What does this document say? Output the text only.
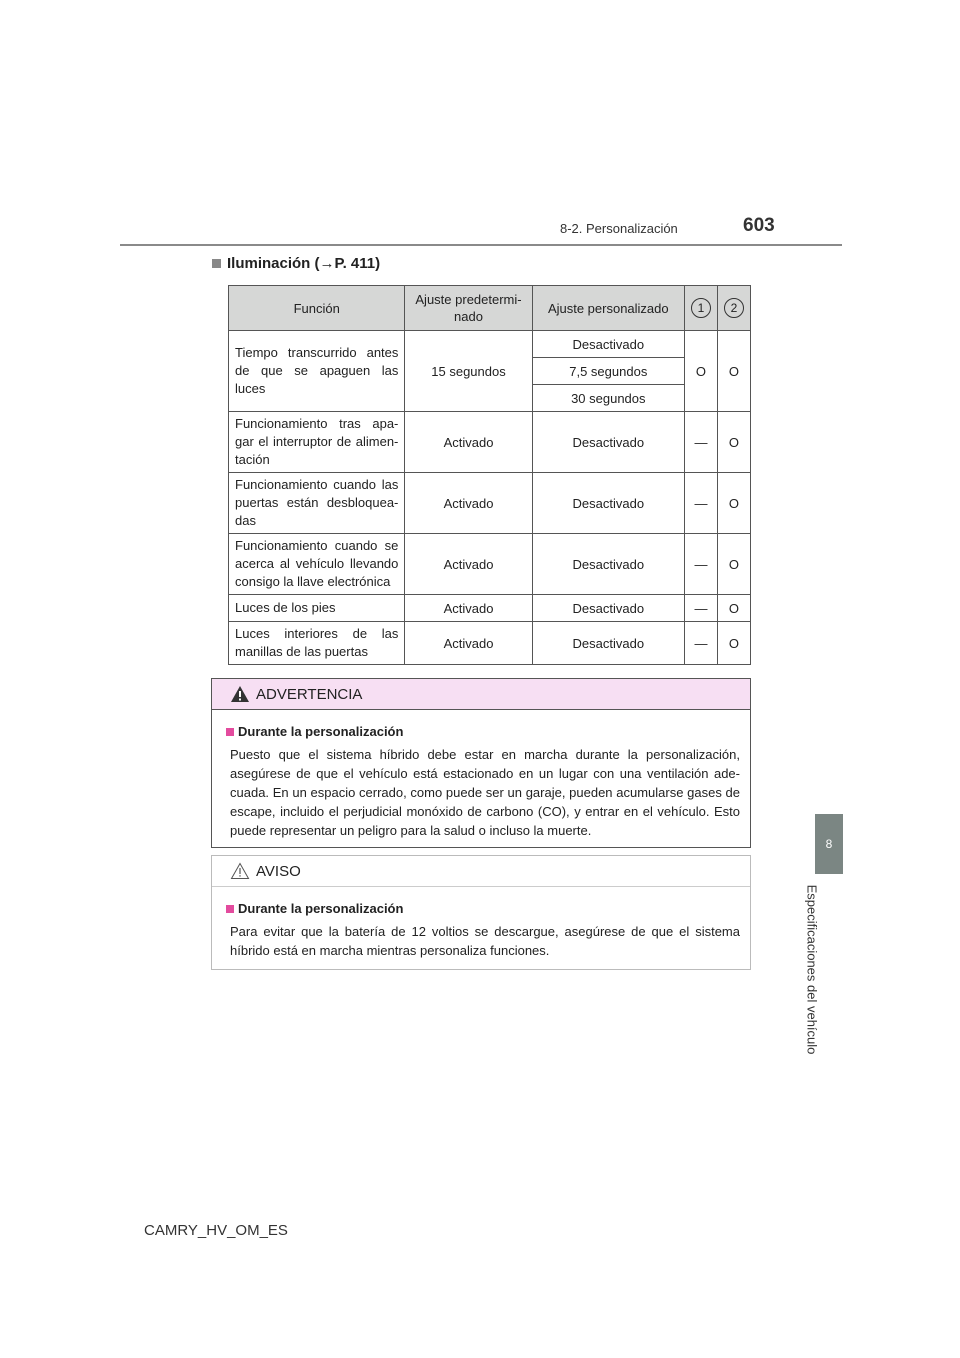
8-2. Personalización	603
8
Especificaciones del vehículo
Iluminación (→P. 411)
Función	Ajuste predetermi-nado	Ajuste personalizado	1	2
Tiempo transcurrido antes de que se apaguen las luces	15 segundos	Desactivado	O	O
		7,5 segundos		
		30 segundos		
Funcionamiento tras apa-gar el interruptor de alimen-tación	Activado	Desactivado	—	O
Funcionamiento cuando las puertas están desbloquea-das	Activado	Desactivado	—	O
Funcionamiento cuando se acerca al vehículo llevando consigo la llave electrónica	Activado	Desactivado	—	O
Luces de los pies	Activado	Desactivado	—	O
Luces interiores de las manillas de las puertas	Activado	Desactivado	—	O
ADVERTENCIA
Durante la personalización
Puesto que el sistema híbrido debe estar en marcha durante la personalización, asegúrese de que el vehículo está estacionado en un lugar con una ventilación ade-cuada. En un espacio cerrado, como puede ser un garaje, pueden acumularse gases de escape, incluido el perjudicial monóxido de carbono (CO), y entrar en el vehículo. Esto puede representar un peligro para la salud o incluso la muerte.
AVISO
Durante la personalización
Para evitar que la batería de 12 voltios se descargue, asegúrese de que el sistema híbrido está en marcha mientras personaliza funciones.
CAMRY_HV_OM_ES
